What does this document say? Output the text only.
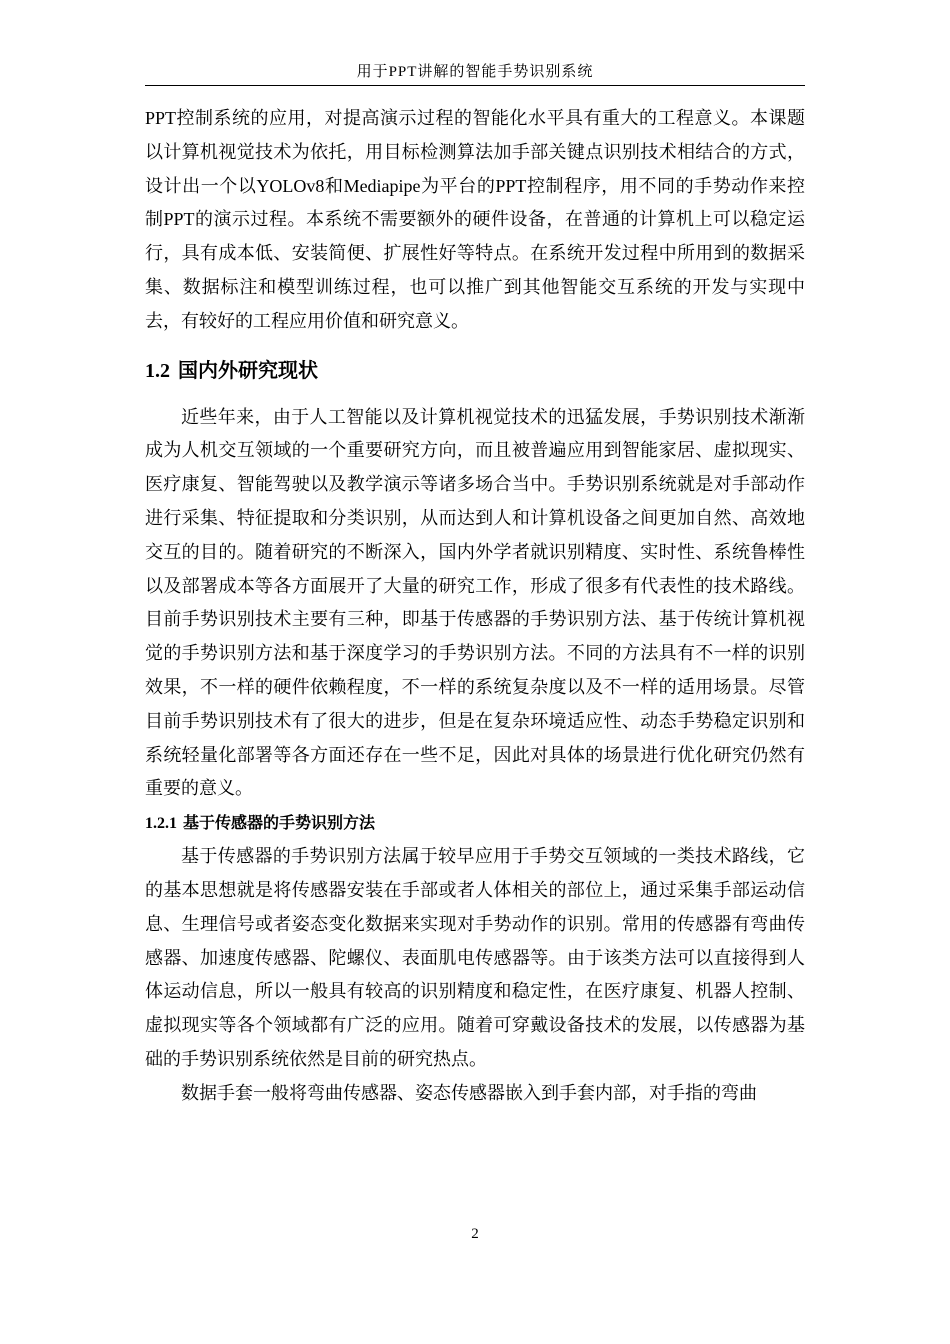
用于PPT讲解的智能手势识别系统

PPT控制系统的应用，对提高演示过程的智能化水平具有重大的工程意义。本课题以计算机视觉技术为依托，用目标检测算法加手部关键点识别技术相结合的方式，设计出一个以YOLOv8和Mediapipe为平台的PPT控制程序，用不同的手势动作来控制PPT的演示过程。本系统不需要额外的硬件设备，在普通的计算机上可以稳定运行，具有成本低、安装简便、扩展性好等特点。在系统开发过程中所用到的数据采集、数据标注和模型训练过程，也可以推广到其他智能交互系统的开发与实现中去，有较好的工程应用价值和研究意义。

1.2 国内外研究现状

近些年来，由于人工智能以及计算机视觉技术的迅猛发展，手势识别技术渐渐成为人机交互领域的一个重要研究方向，而且被普遍应用到智能家居、虚拟现实、医疗康复、智能驾驶以及教学演示等诸多场合当中。手势识别系统就是对手部动作进行采集、特征提取和分类识别，从而达到人和计算机设备之间更加自然、高效地交互的目的。随着研究的不断深入，国内外学者就识别精度、实时性、系统鲁棒性以及部署成本等各方面展开了大量的研究工作，形成了很多有代表性的技术路线。目前手势识别技术主要有三种，即基于传感器的手势识别方法、基于传统计算机视觉的手势识别方法和基于深度学习的手势识别方法。不同的方法具有不一样的识别效果，不一样的硬件依赖程度，不一样的系统复杂度以及不一样的适用场景。尽管目前手势识别技术有了很大的进步，但是在复杂环境适应性、动态手势稳定识别和系统轻量化部署等各方面还存在一些不足，因此对具体的场景进行优化研究仍然有重要的意义。

1.2.1 基于传感器的手势识别方法

基于传感器的手势识别方法属于较早应用于手势交互领域的一类技术路线，它的基本思想就是将传感器安装在手部或者人体相关的部位上，通过采集手部运动信息、生理信号或者姿态变化数据来实现对手势动作的识别。常用的传感器有弯曲传感器、加速度传感器、陀螺仪、表面肌电传感器等。由于该类方法可以直接得到人体运动信息，所以一般具有较高的识别精度和稳定性，在医疗康复、机器人控制、虚拟现实等各个领域都有广泛的应用。随着可穿戴设备技术的发展，以传感器为基础的手势识别系统依然是目前的研究热点。

数据手套一般将弯曲传感器、姿态传感器嵌入到手套内部，对手指的弯曲

2
